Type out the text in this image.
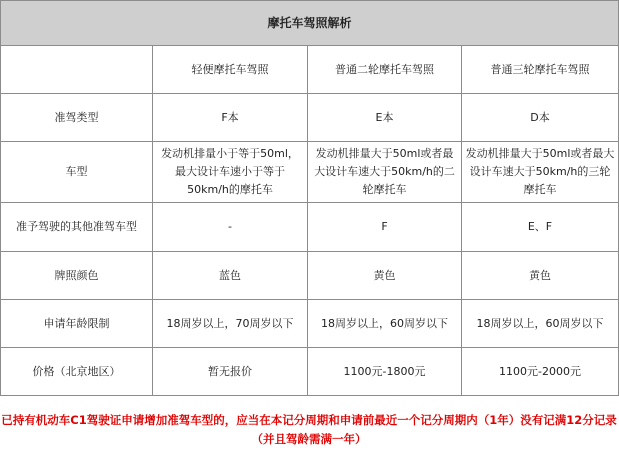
摩托车驾照解析			
	轻便摩托车驾照	普通二轮摩托车驾照	普通三轮摩托车驾照
准驾类型	F本	E本	D本
车型	发动机排量小于等于50ml，最大设计车速小于等于50km/h的摩托车	发动机排量大于50ml或者最大设计车速大于50km/h的二轮摩托车	发动机排量大于50ml或者最大设计车速大于50km/h的三轮摩托车
准予驾驶的其他准驾车型	-	F	E、F
牌照颜色	蓝色	黄色	黄色
申请年龄限制	18周岁以上，70周岁以下	18周岁以上，60周岁以下	18周岁以上，60周岁以下
价格（北京地区）	暂无报价	1100元-1800元	1100元-2000元
已持有机动车C1驾驶证申请增加准驾车型的，应当在本记分周期和申请前最近一个记分周期内（1年）没有记满12分记录（并且驾龄需满一年）
